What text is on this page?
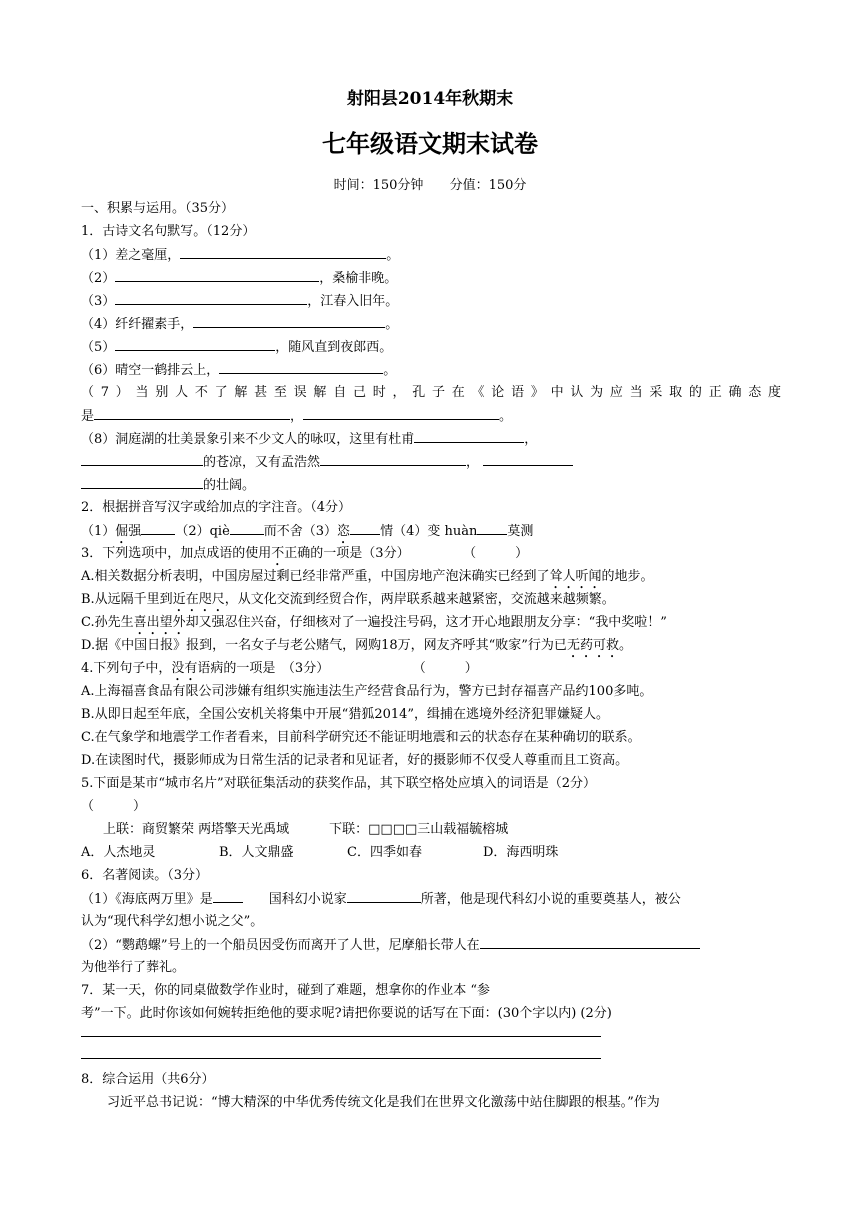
射阳县2014年秋期末
七年级语文期末试卷
时间：150分钟 分值：150分
一、积累与运用。（35分）
1．古诗文名句默写。（12分）
（1）差之毫厘，	。
（2）	，桑榆非晚。
（3）	，江春入旧年。
（4）纤纤擢素手，	。
（5）	，随风直到夜郎西。
（6）晴空一鹤排云上，	。
（7）当别人不了解甚至误解自己时，孔子在《论语》中认为应当采取的正确态度
是	，	。
（8）洞庭湖的壮美景象引来不少文人的咏叹，这里有杜甫	，
的苍凉，又有孟浩然	，
的壮阔。
2．根据拼音写汉字或给加点的字注音。（4分）
（1）倔强	（2）qiè	而不舍（3）恣 情（4）变 huàn 莫测
3．下列选项中，加点成语的使用不正确的一项是（3分）	（　　　）
A.相关数据分析表明，中国房屋过剩已经非常严重，中国房地产泡沫确实已经到了耸人听闻的地步。
B.从远隔千里到近在咫尺，从文化交流到经贸合作，两岸联系越来越紧密，交流越来越频繁。
C.孙先生喜出望外却又强忍住兴奋，仔细核对了一遍投注号码，这才开心地跟朋友分享：“我中奖啦！”
D.据《中国日报》报到，一名女子与老公赌气，网购18万，网友齐呼其“败家”行为已无药可救。
4.下列句子中，没有语病的一项是　（3分）	（　　　）
A.上海福喜食品有限公司涉嫌有组织实施违法生产经营食品行为，警方已封存福喜产品约100多吨。
B.从即日起至年底，全国公安机关将集中开展“猎狐2014”，缉捕在逃境外经济犯罪嫌疑人。
C.在气象学和地震学工作者看来，目前科学研究还不能证明地震和云的状态存在某种确切的联系。
D.在读图时代，摄影师成为日常生活的记录者和见证者，好的摄影师不仅受人尊重而且工资高。
5.下面是某市“城市名片”对联征集活动的获奖作品，其下联空格处应填入的词语是（2分）
（　　　）
上联：商贸繁荣 两塔擎天光禹域	下联：□□□□三山载福毓榕城
A．人杰地灵	B．人文鼎盛	C．四季如春	D．海西明珠
6．名著阅读。（3分）
（1）《海底两万里》是	国科幻小说家	所著，他是现代科幻小说的重要奠基人，被公
认为“现代科学幻想小说之父”。
（2）“鹦鹉螺”号上的一个船员因受伤而离开了人世，尼摩船长带人在
为他举行了葬礼。
7．某一天，你的同桌做数学作业时，碰到了难题，想拿你的作业本 “参
考”一下。此时你该如何婉转拒绝他的要求呢?请把你要说的话写在下面：(30个字以内) (2分)
8．综合运用（共6分）
习近平总书记说：“博大精深的中华优秀传统文化是我们在世界文化激荡中站住脚跟的根基。”作为
